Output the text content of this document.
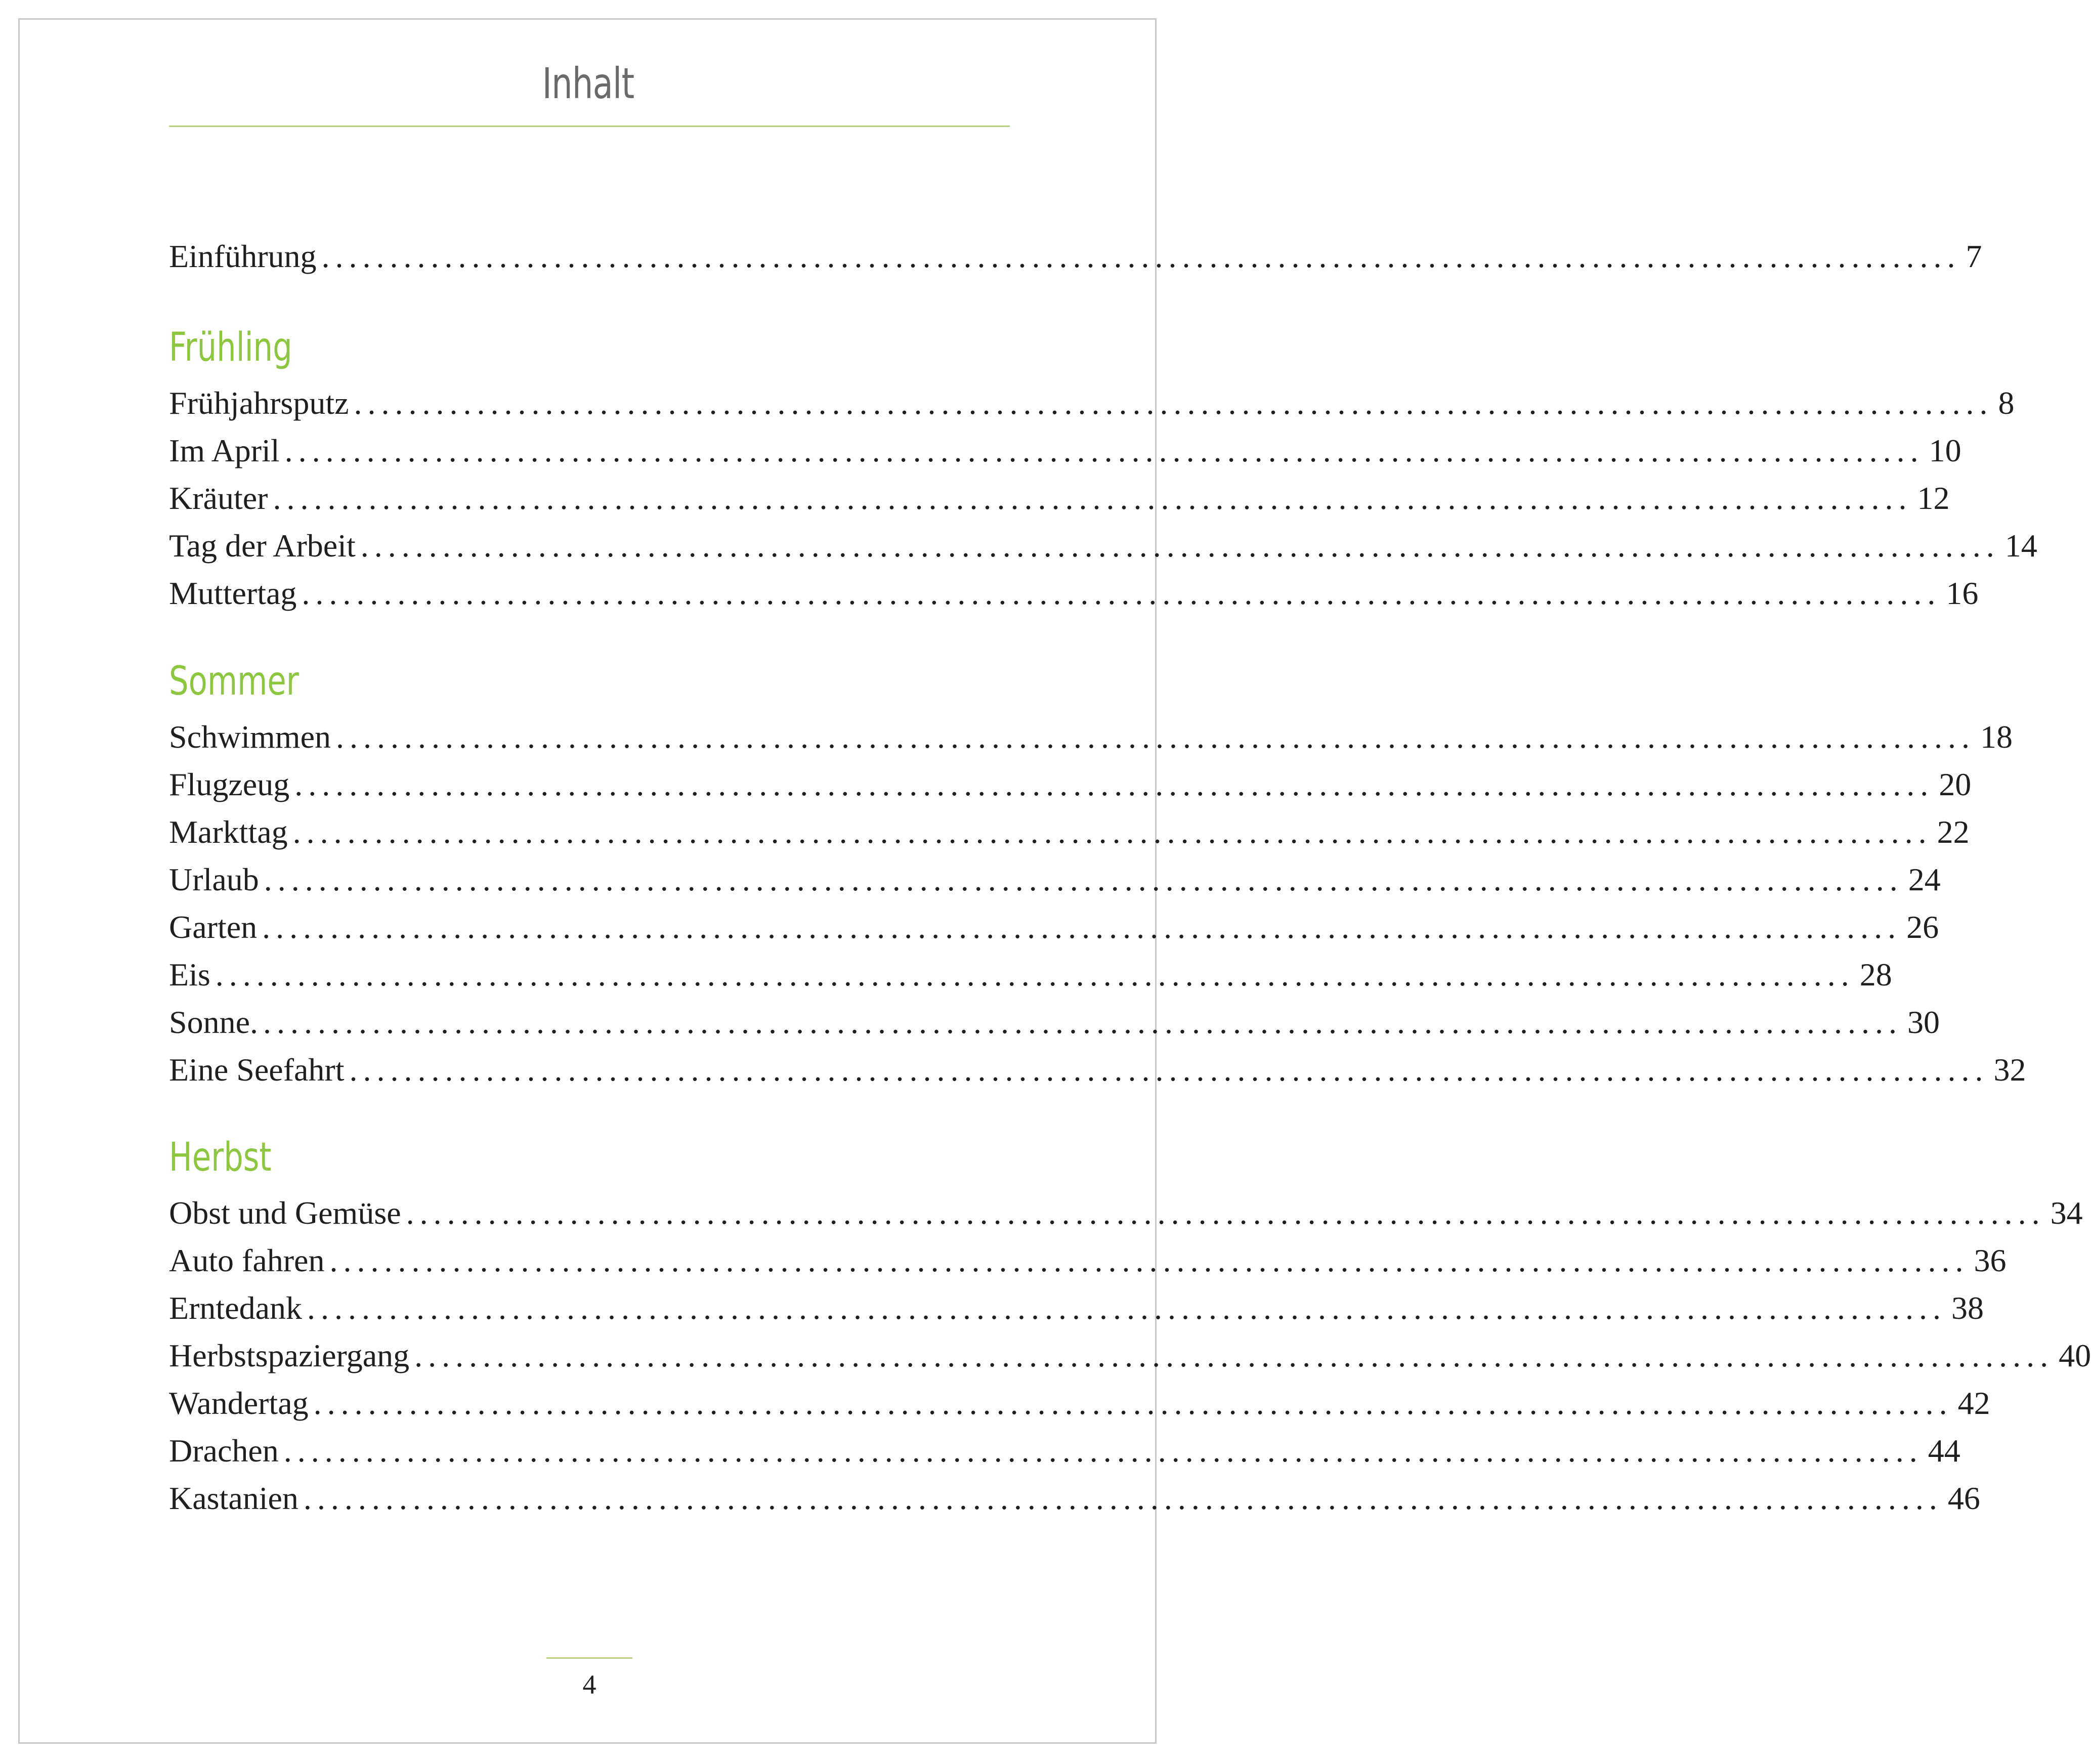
Inhalt
Einführung ........................................................................................................................ 7
Frühling
Frühjahrsputz ........................................................................................................................ 8
Im April ........................................................................................................................ 10
Kräuter ........................................................................................................................ 12
Tag der Arbeit ........................................................................................................................ 14
Muttertag ........................................................................................................................ 16
Sommer
Schwimmen ........................................................................................................................ 18
Flugzeug ........................................................................................................................ 20
Markttag ........................................................................................................................ 22
Urlaub ........................................................................................................................ 24
Garten ........................................................................................................................ 26
Eis ........................................................................................................................ 28
Sonne. ........................................................................................................................ 30
Eine Seefahrt ........................................................................................................................ 32
Herbst
Obst und Gemüse ........................................................................................................................ 34
Auto fahren ........................................................................................................................ 36
Erntedank ........................................................................................................................ 38
Herbstspaziergang ........................................................................................................................ 40
Wandertag ........................................................................................................................ 42
Drachen ........................................................................................................................ 44
Kastanien ........................................................................................................................ 46
4
